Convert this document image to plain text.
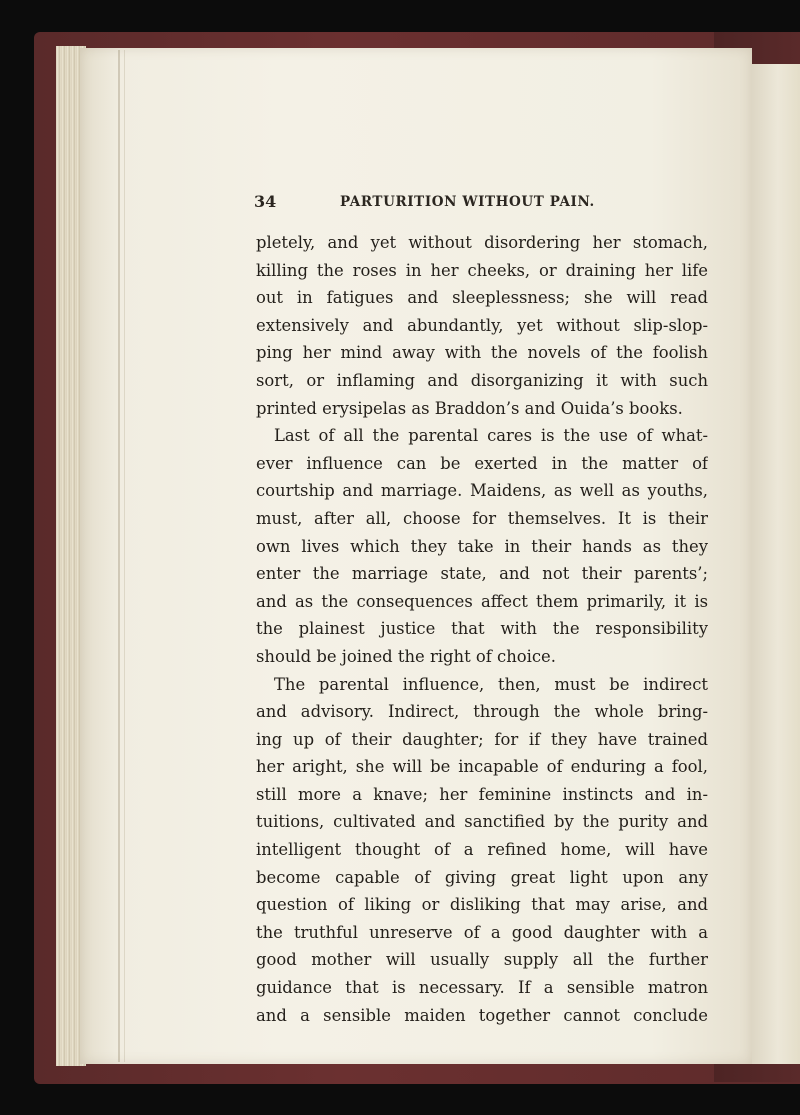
34	PARTURITION WITHOUT PAIN.
pletely, and yet without disordering her stomach,
killing the roses in her cheeks, or draining her life
out in fatigues and sleeplessness; she will read
extensively and abundantly, yet without slip-slop-
ping her mind away with the novels of the foolish
sort, or inflaming and disorganizing it with such
printed erysipelas as Braddon’s and Ouida’s books.
Last of all the parental cares is the use of what-
ever influence can be exerted in the matter of
courtship and marriage. Maidens, as well as youths,
must, after all, choose for themselves. It is their
own lives which they take in their hands as they
enter the marriage state, and not their parents’;
and as the consequences affect them primarily, it is
the plainest justice that with the responsibility
should be joined the right of choice.
The parental influence, then, must be indirect
and advisory. Indirect, through the whole bring-
ing up of their daughter; for if they have trained
her aright, she will be incapable of enduring a fool,
still more a knave; her feminine instincts and in-
tuitions, cultivated and sanctified by the purity and
intelligent thought of a refined home, will have
become capable of giving great light upon any
question of liking or disliking that may arise, and
the truthful unreserve of a good daughter with a
good mother will usually supply all the further
guidance that is necessary. If a sensible matron
and a sensible maiden together cannot conclude
